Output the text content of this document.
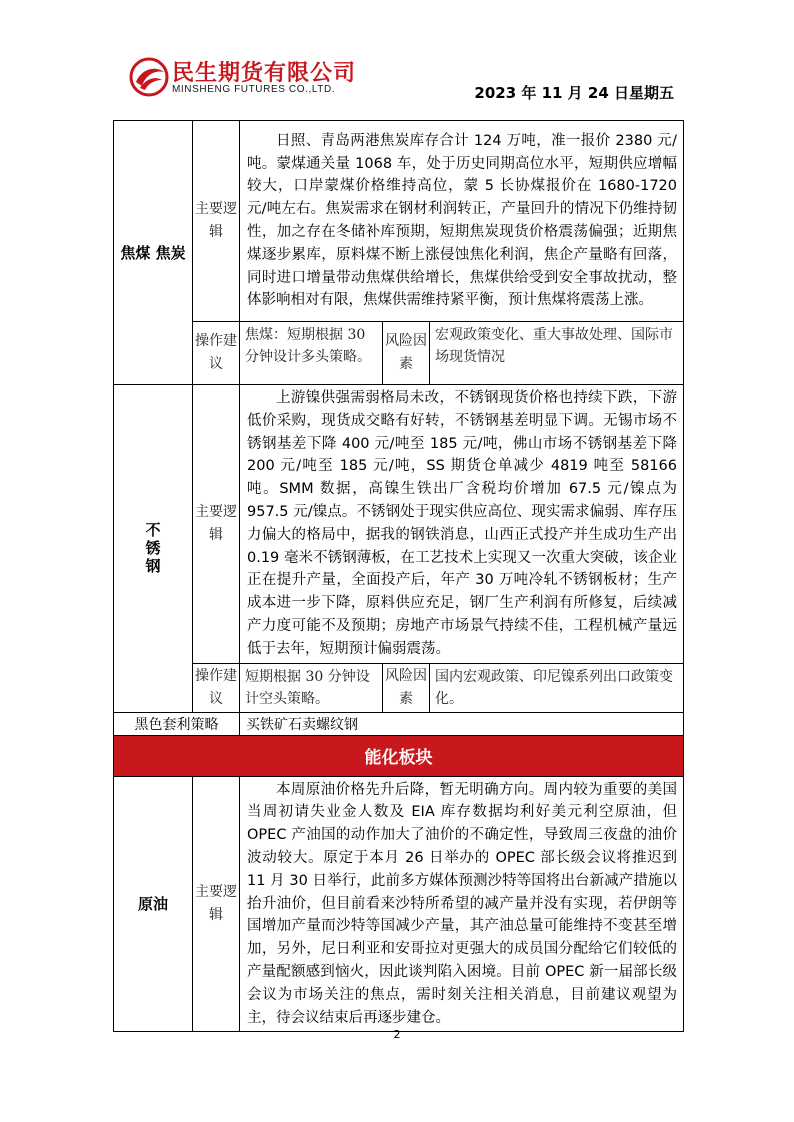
民生期货有限公司
MINSHENG FUTURES CO.,LTD.	2023 年 11 月 24 日星期五
焦煤 焦炭	主要逻辑	日照、青岛两港焦炭库存合计 124 万吨，准一报价 2380 元/吨。蒙煤通关量 1068 车，处于历史同期高位水平，短期供应增幅较大，口岸蒙煤价格维持高位，蒙 5 长协煤报价在 1680-1720 元/吨左右。焦炭需求在钢材利润转正，产量回升的情况下仍维持韧性，加之存在冬储补库预期，短期焦炭现货价格震荡偏强；近期焦煤逐步累库，原料煤不断上涨侵蚀焦化利润，焦企产量略有回落，同时进口增量带动焦煤供给增长，焦煤供给受到安全事故扰动，整体影响相对有限，焦煤供需维持紧平衡，预计焦煤将震荡上涨。		

	操作建议	焦煤：短期根据 30 分钟设计多头策略。	风险因素	宏观政策变化、重大事故处理、国际市场现货情况
不锈钢	主要逻辑	上游镍供强需弱格局未改，不锈钢现货价格也持续下跌，下游低价采购，现货成交略有好转，不锈钢基差明显下调。无锡市场不锈钢基差下降 400 元/吨至 185 元/吨，佛山市场不锈钢基差下降 200 元/吨至 185 元/吨，SS 期货仓单减少 4819 吨至 58166 吨。SMM 数据，高镍生铁出厂含税均价增加 67.5 元/镍点为 957.5 元/镍点。不锈钢处于现实供应高位、现实需求偏弱、库存压力偏大的格局中，据我的钢铁消息，山西正式投产并生成功生产出 0.19 毫米不锈钢薄板，在工艺技术上实现又一次重大突破，该企业正在提升产量，全面投产后，年产 30 万吨冷轧不锈钢板材；生产成本进一步下降，原料供应充足，钢厂生产利润有所修复，后续减产力度可能不及预期；房地产市场景气持续不佳，工程机械产量远低于去年，短期预计偏弱震荡。		

	操作建议	短期根据 30 分钟设计空头策略。	风险因素	国内宏观政策、印尼镍系列出口政策变化。
黑色套利策略		买铁矿石卖螺纹钢		
能化板块				
原油	主要逻辑	本周原油价格先升后降，暂无明确方向。周内较为重要的美国当周初请失业金人数及 EIA 库存数据均利好美元利空原油，但 OPEC 产油国的动作加大了油价的不确定性，导致周三夜盘的油价波动较大。原定于本月 26 日举办的 OPEC 部长级会议将推迟到 11 月 30 日举行，此前多方媒体预测沙特等国将出台新减产措施以抬升油价，但目前看来沙特所希望的减产量并没有实现，若伊朗等国增加产量而沙特等国减少产量，其产油总量可能维持不变甚至增加，另外，尼日利亚和安哥拉对更强大的成员国分配给它们较低的产量配额感到恼火，因此谈判陷入困境。目前 OPEC 新一届部长级会议为市场关注的焦点，需时刻关注相关消息，目前建议观望为主，待会议结束后再逐步建仓。		

2
